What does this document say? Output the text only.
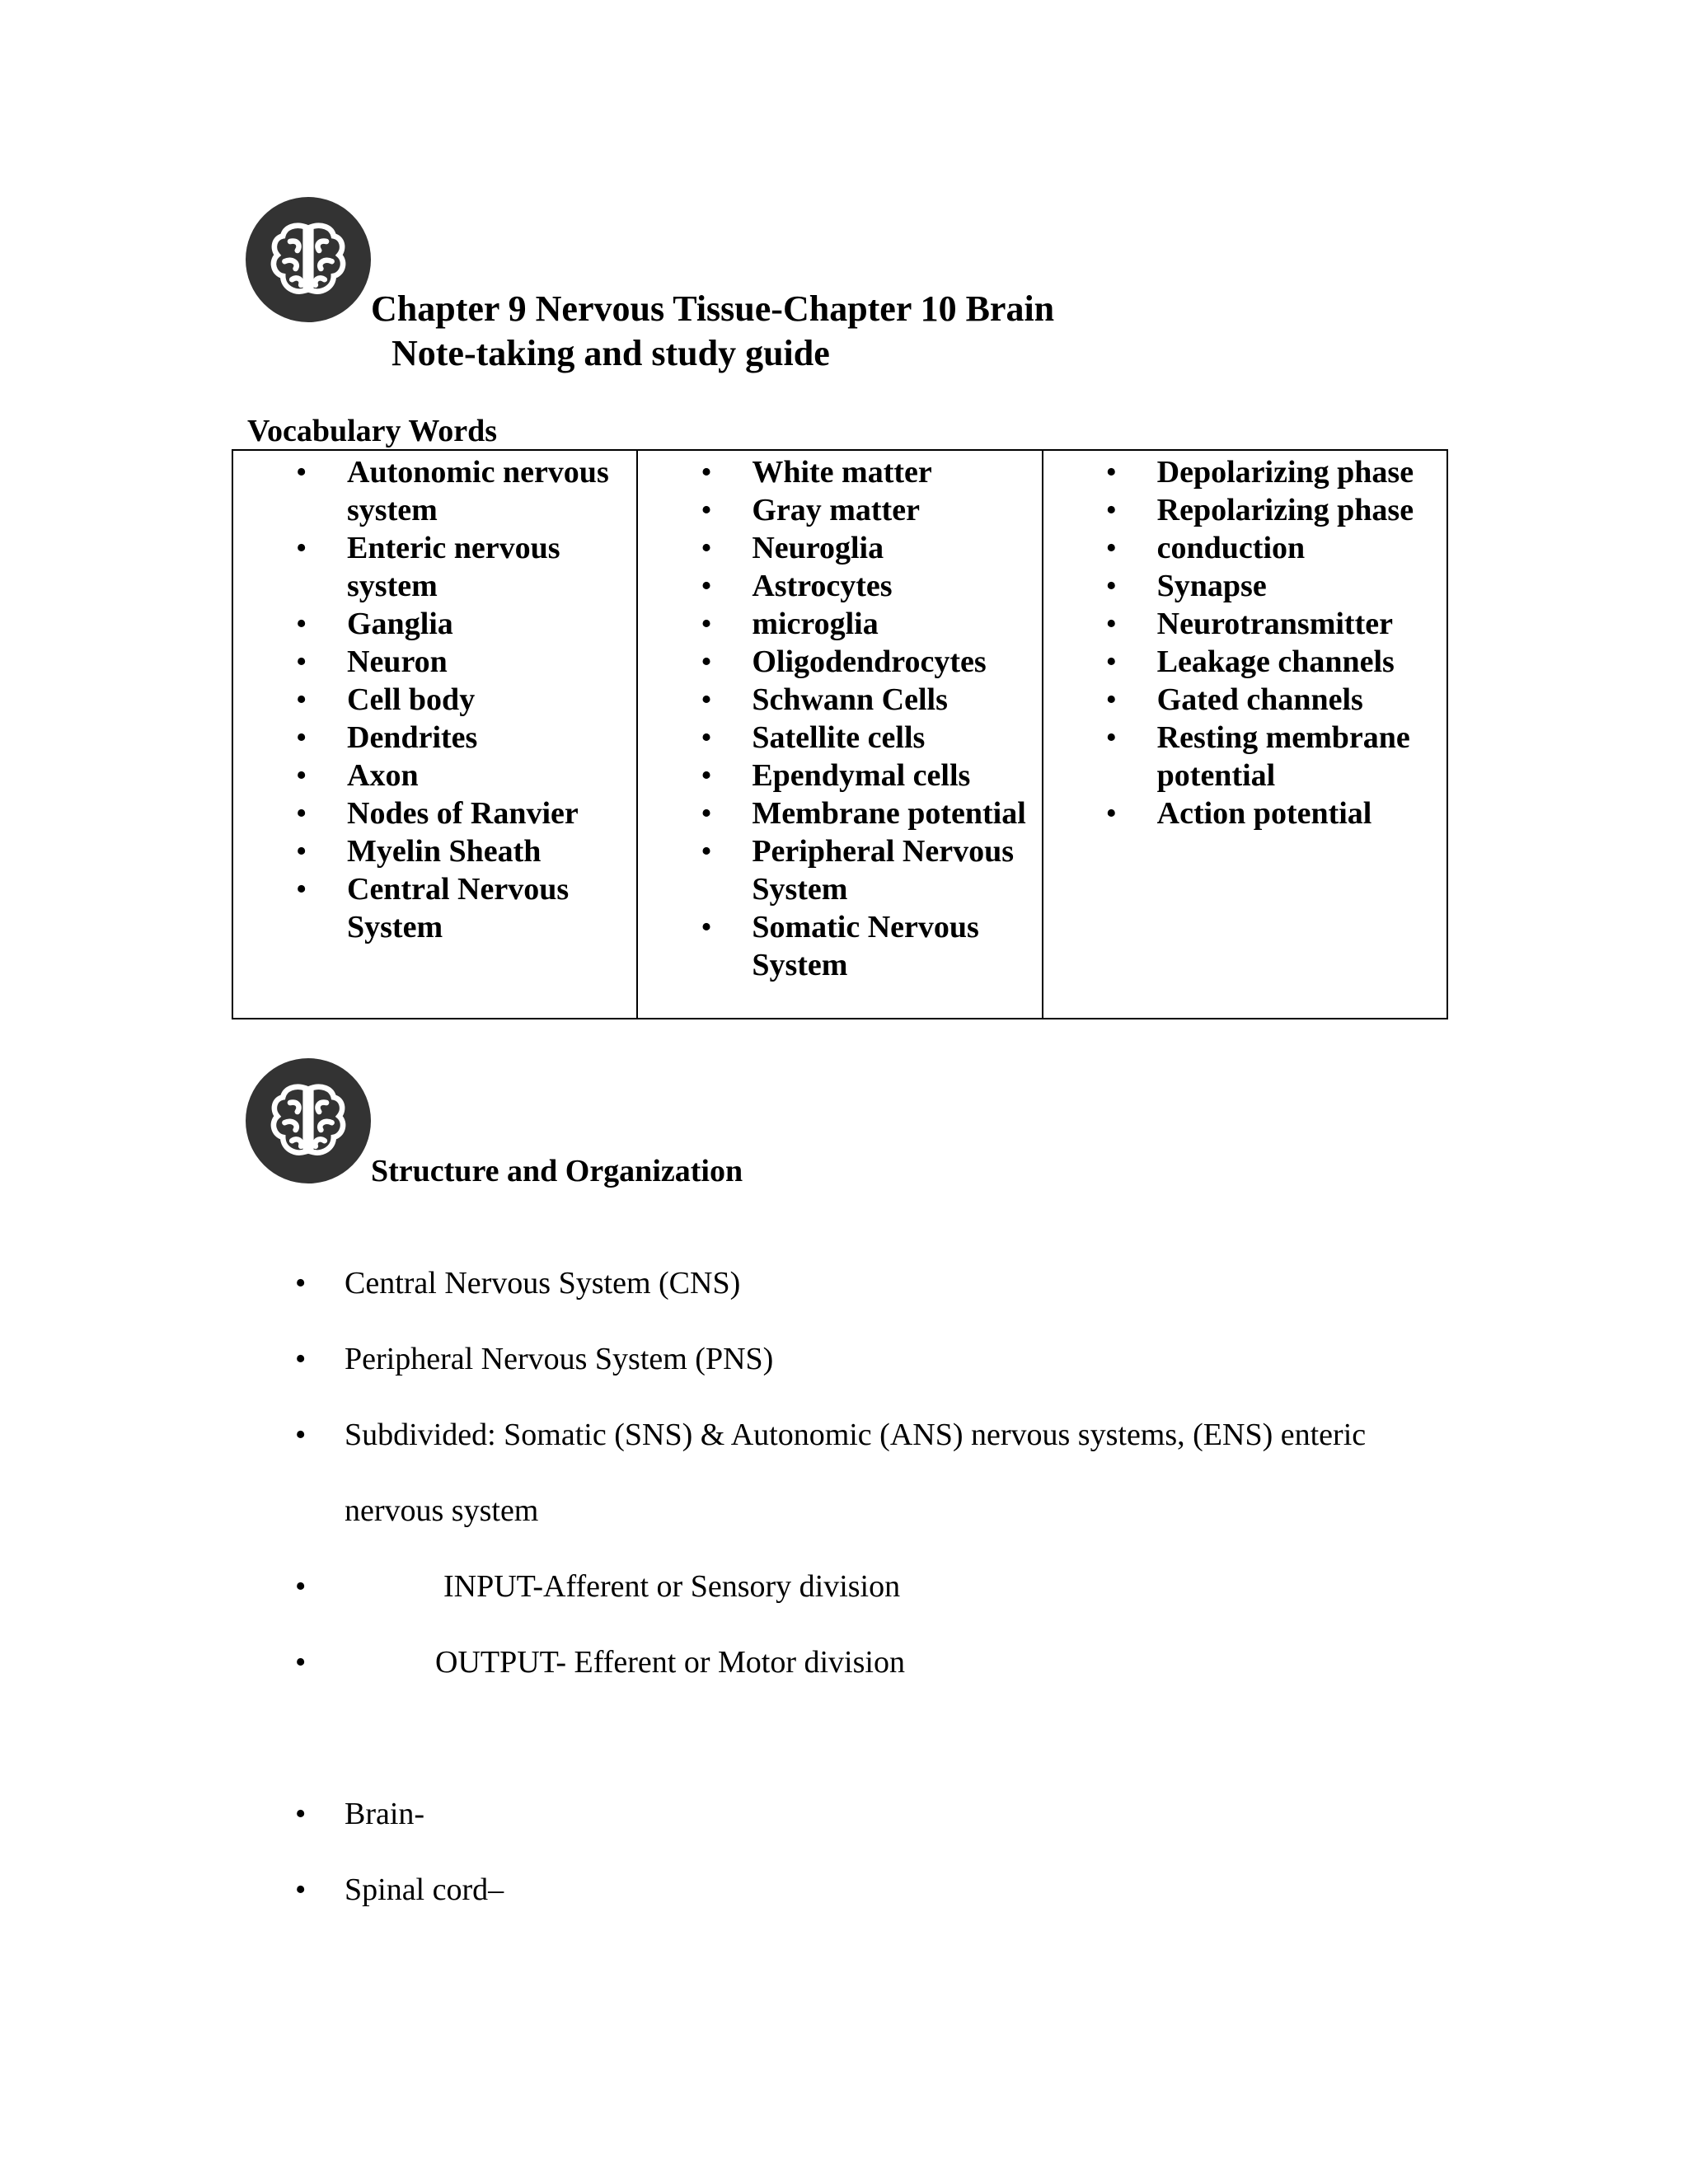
Chapter 9 Nervous Tissue-Chapter 10 Brain
Note-taking and study guide
Vocabulary Words
• Autonomic nervous system
• Enteric nervous system
• Ganglia
• Neuron
• Cell body
• Dendrites
• Axon
• Nodes of Ranvier
• Myelin Sheath
• Central Nervous System
• White matter
• Gray matter
• Neuroglia
• Astrocytes
• microglia
• Oligodendrocytes
• Schwann Cells
• Satellite cells
• Ependymal cells
• Membrane potential
• Peripheral Nervous System
• Somatic Nervous System
• Depolarizing phase
• Repolarizing phase
• conduction
• Synapse
• Neurotransmitter
• Leakage channels
• Gated channels
• Resting membrane potential
• Action potential
Structure and Organization
• Central Nervous System (CNS)
• Peripheral Nervous System (PNS)
• Subdivided: Somatic (SNS) & Autonomic (ANS) nervous systems, (ENS) enteric
nervous system
•	INPUT-Afferent or Sensory division
•	OUTPUT- Efferent or Motor division
• Brain-
• Spinal cord–
